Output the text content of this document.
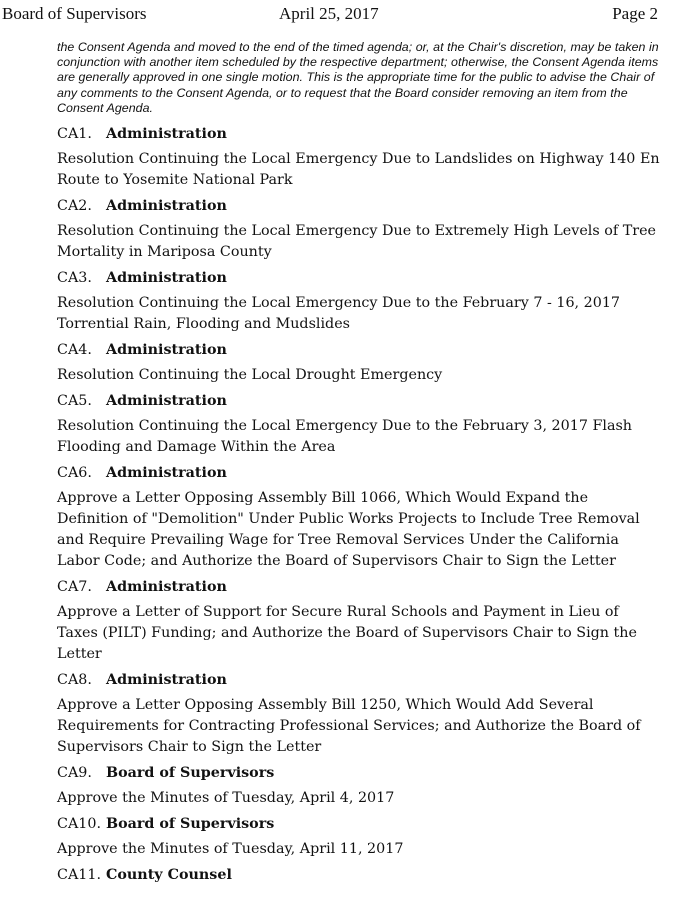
Board of Supervisors	April 25, 2017	Page 2

the Consent Agenda and moved to the end of the timed agenda; or, at the Chair's discretion, may be taken in conjunction with another item scheduled by the respective department; otherwise, the Consent Agenda items are generally approved in one single motion. This is the appropriate time for the public to advise the Chair of any comments to the Consent Agenda, or to request that the Board consider removing an item from the Consent Agenda.

CA1. Administration
Resolution Continuing the Local Emergency Due to Landslides on Highway 140 En Route to Yosemite National Park
CA2. Administration
Resolution Continuing the Local Emergency Due to Extremely High Levels of Tree Mortality in Mariposa County
CA3. Administration
Resolution Continuing the Local Emergency Due to the February 7 - 16, 2017 Torrential Rain, Flooding and Mudslides
CA4. Administration
Resolution Continuing the Local Drought Emergency
CA5. Administration
Resolution Continuing the Local Emergency Due to the February 3, 2017 Flash Flooding and Damage Within the Area
CA6. Administration
Approve a Letter Opposing Assembly Bill 1066, Which Would Expand the Definition of "Demolition" Under Public Works Projects to Include Tree Removal and Require Prevailing Wage for Tree Removal Services Under the California Labor Code; and Authorize the Board of Supervisors Chair to Sign the Letter
CA7. Administration
Approve a Letter of Support for Secure Rural Schools and Payment in Lieu of Taxes (PILT) Funding; and Authorize the Board of Supervisors Chair to Sign the Letter
CA8. Administration
Approve a Letter Opposing Assembly Bill 1250, Which Would Add Several Requirements for Contracting Professional Services; and Authorize the Board of Supervisors Chair to Sign the Letter
CA9. Board of Supervisors
Approve the Minutes of Tuesday, April 4, 2017
CA10. Board of Supervisors
Approve the Minutes of Tuesday, April 11, 2017
CA11. County Counsel
